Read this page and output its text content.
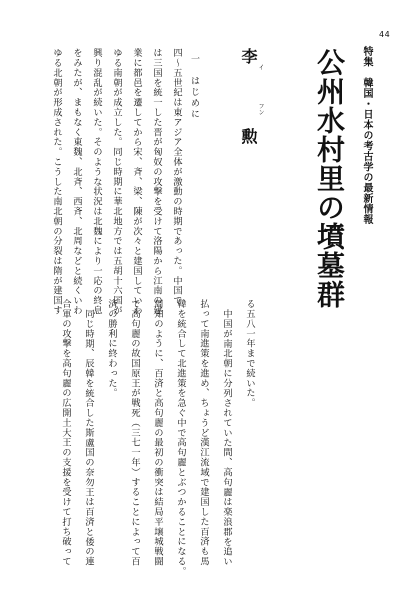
44
特集　韓国・日本の考古学の最新情報
公州水村里の墳墓群
李　勲 イ
フン
一　はじめに
四～五世紀は東アジア全体が激動の時期であった。中国で
は三国を統一した晋が匈奴の攻撃を受けて洛陽から江南の建
業に都邑を遷してから宋、斉、梁、陳が次々と建国していわ
ゆる南朝が成立した。同じ時期に華北地方では五胡十六国が
興り混乱が続いた。そのような状況は北魏により一応の終息
をみたが、まもなく東魏、北斉、西斉、北周などと続くいわ
ゆる北朝が形成された。こうした南北朝の分裂は隋が建国す
る五八一年まで続いた。
中国が南北朝に分列されていた間、高句麗は楽浪郡を追い
払って南進策を進め、ちょうど漢江流域で建国した百済も馬
韓を統合して北進策を急ぐ中で高句麗とぶつかることになる。
周知のように、百済と高句麗の最初の衝突は結局平壌城戦闘
で高句麗の故国原王が戦死（三七一年）することによって百
済の勝利に終わった。
同じ時期、辰韓を統合した斯盧国の奈勿王は百済と倭の連
合軍の攻撃を高句麗の広開土大王の支援を受けて打ち破って
